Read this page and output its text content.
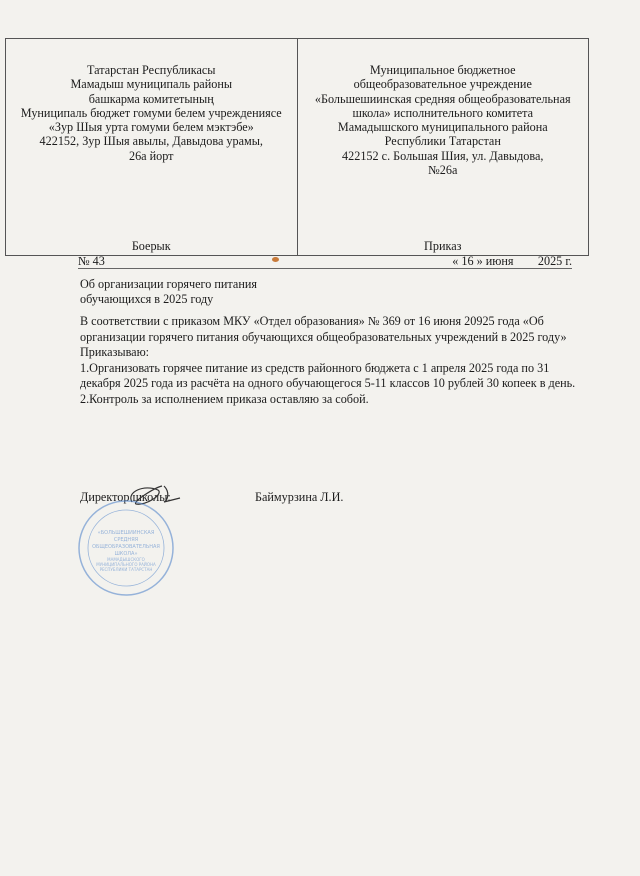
Татарстан Республикасы
Мамадыш муниципаль районы
башкарма комитетының
Муниципаль бюджет гомуми белем учреждениясе
«Зур Шыя урта гомуми белем мэктэбе»
422152, Зур Шыя авылы, Давыдова урамы,
26а йорт
Боерык
Муниципальное бюджетное
общеобразовательное учреждение
«Большешиинская средняя общеобразовательная
школа» исполнительного комитета
Мамадышского муниципального района
Республики Татарстан
422152 с. Большая Шия, ул. Давыдова,
№26а
Приказ
№ 43	« 16 » июня        2025 г.
Об организации горячего питания
обучающихся в 2025 году

В соответствии с приказом МКУ «Отдел образования» № 369 от 16 июня 20925 года «Об организации горячего питания обучающихся общеобразовательных учреждений в 2025 году»

Приказываю:

1.Организовать горячее питание из средств районного бюджета с 1 апреля 2025 года по 31 декабря 2025 года из расчёта на одного обучающегося 5-11 классов 10 рублей 30 копеек в день.

2.Контроль за исполнением приказа оставляю за собой.

Директор школы:	Баймурзина Л.И.
«БОЛЬШЕШИИНСКАЯ
СРЕДНЯЯ
ОБЩЕОБРАЗОВАТЕЛЬНАЯ
ШКОЛА»
МАМАДЫШСКОГО
МУНИЦИПАЛЬНОГО РАЙОНА
РЕСПУБЛИКИ ТАТАРСТАН
